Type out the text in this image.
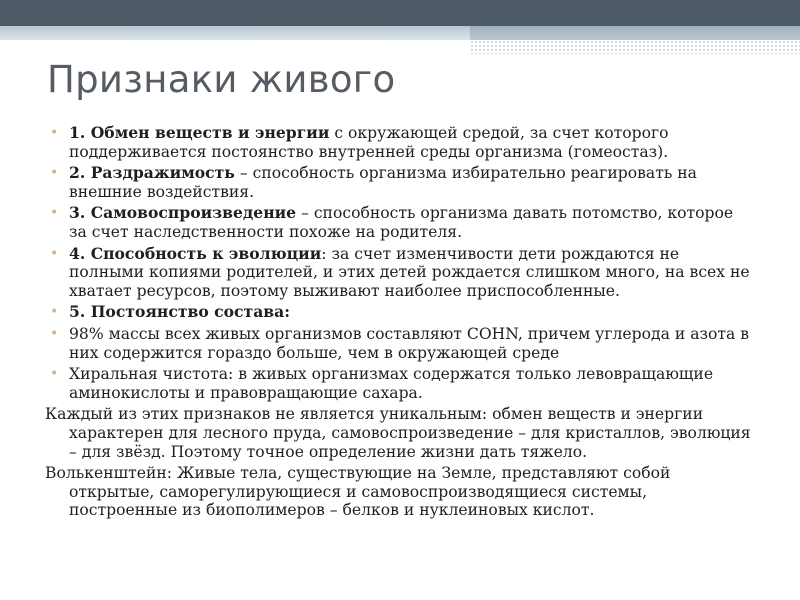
Признаки живого
• 1. Обмен веществ и энергии с окружающей средой, за счет которого поддерживается постоянство внутренней среды организма (гомеостаз).
• 2. Раздражимость – способность организма избирательно реагировать на внешние воздействия.
• 3. Самовоспроизведение – способность организма давать потомство, которое за счет наследственности похоже на родителя.
• 4. Способность к эволюции: за счет изменчивости дети рождаются не полными копиями родителей, и этих детей рождается слишком много, на всех не хватает ресурсов, поэтому выживают наиболее приспособленные.
• 5. Постоянство состава:
• 98% массы всех живых организмов составляют COHN, причем углерода и азота в них содержится гораздо больше, чем в окружающей среде
• Хиральная чистота: в живых организмах содержатся только левовращающие аминокислоты и правовращающие сахара.
Каждый из этих признаков не является уникальным: обмен веществ и энергии характерен для лесного пруда, самовоспроизведение – для кристаллов, эволюция – для звёзд. Поэтому точное определение жизни дать тяжело.
Волькенштейн: Живые тела, существующие на Земле, представляют собой открытые, саморегулирующиеся и самовоспроизводящиеся системы, построенные из биополимеров – белков и нуклеиновых кислот.
